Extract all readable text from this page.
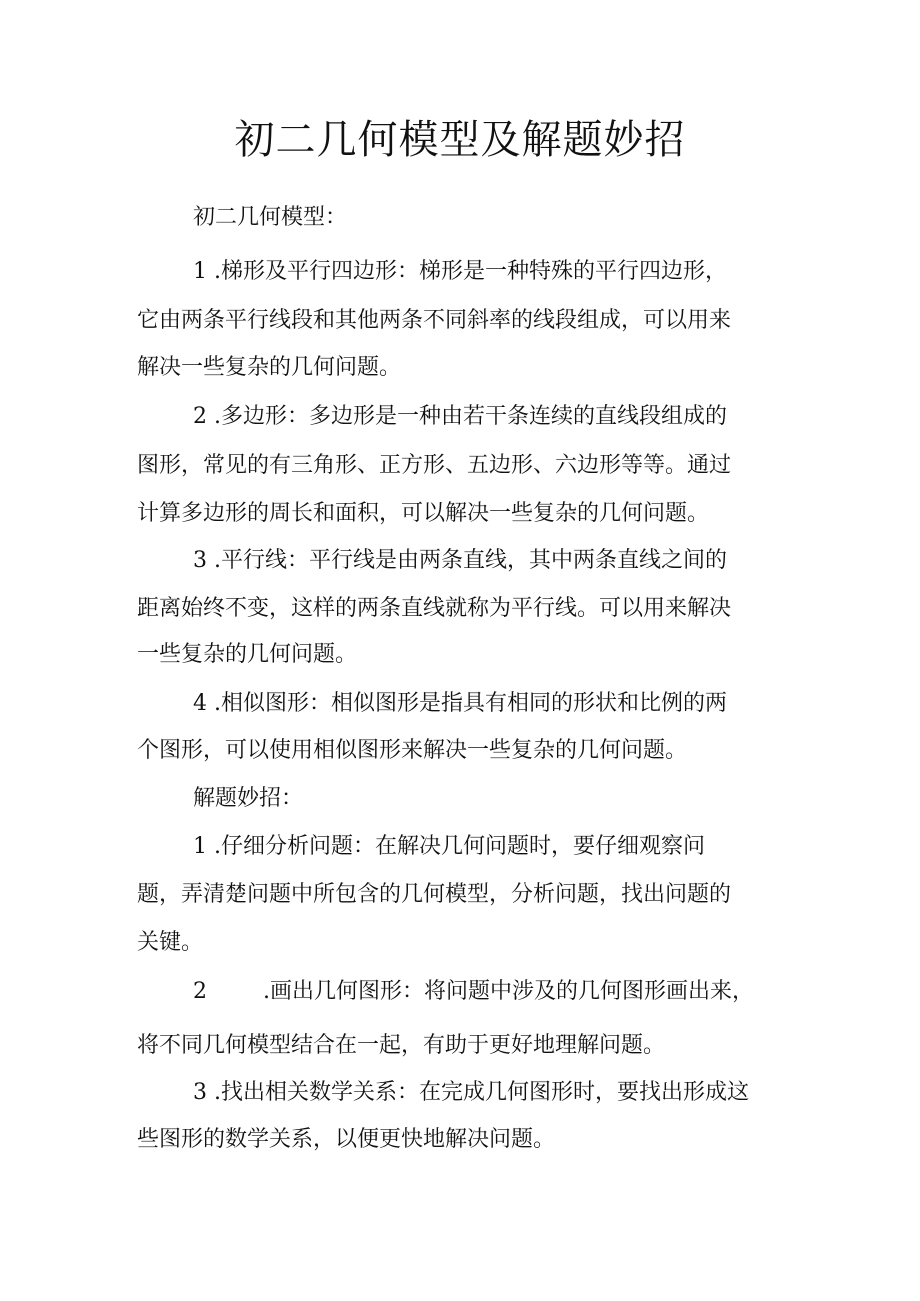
初二几何模型及解题妙招

初二几何模型：

1 .梯形及平行四边形：梯形是一种特殊的平行四边形，

它由两条平行线段和其他两条不同斜率的线段组成，可以用来

解决一些复杂的几何问题。

2 .多边形：多边形是一种由若干条连续的直线段组成的

图形，常见的有三角形、正方形、五边形、六边形等等。通过

计算多边形的周长和面积，可以解决一些复杂的几何问题。

3 .平行线：平行线是由两条直线，其中两条直线之间的

距离始终不变，这样的两条直线就称为平行线。可以用来解决

一些复杂的几何问题。

4 .相似图形：相似图形是指具有相同的形状和比例的两

个图形，可以使用相似图形来解决一些复杂的几何问题。

解题妙招：

1 .仔细分析问题：在解决几何问题时，要仔细观察问

题，弄清楚问题中所包含的几何模型，分析问题，找出问题的

关键。

2	.画出几何图形：将问题中涉及的几何图形画出来，

将不同几何模型结合在一起，有助于更好地理解问题。

3 .找出相关数学关系：在完成几何图形时，要找出形成这

些图形的数学关系，以便更快地解决问题。
